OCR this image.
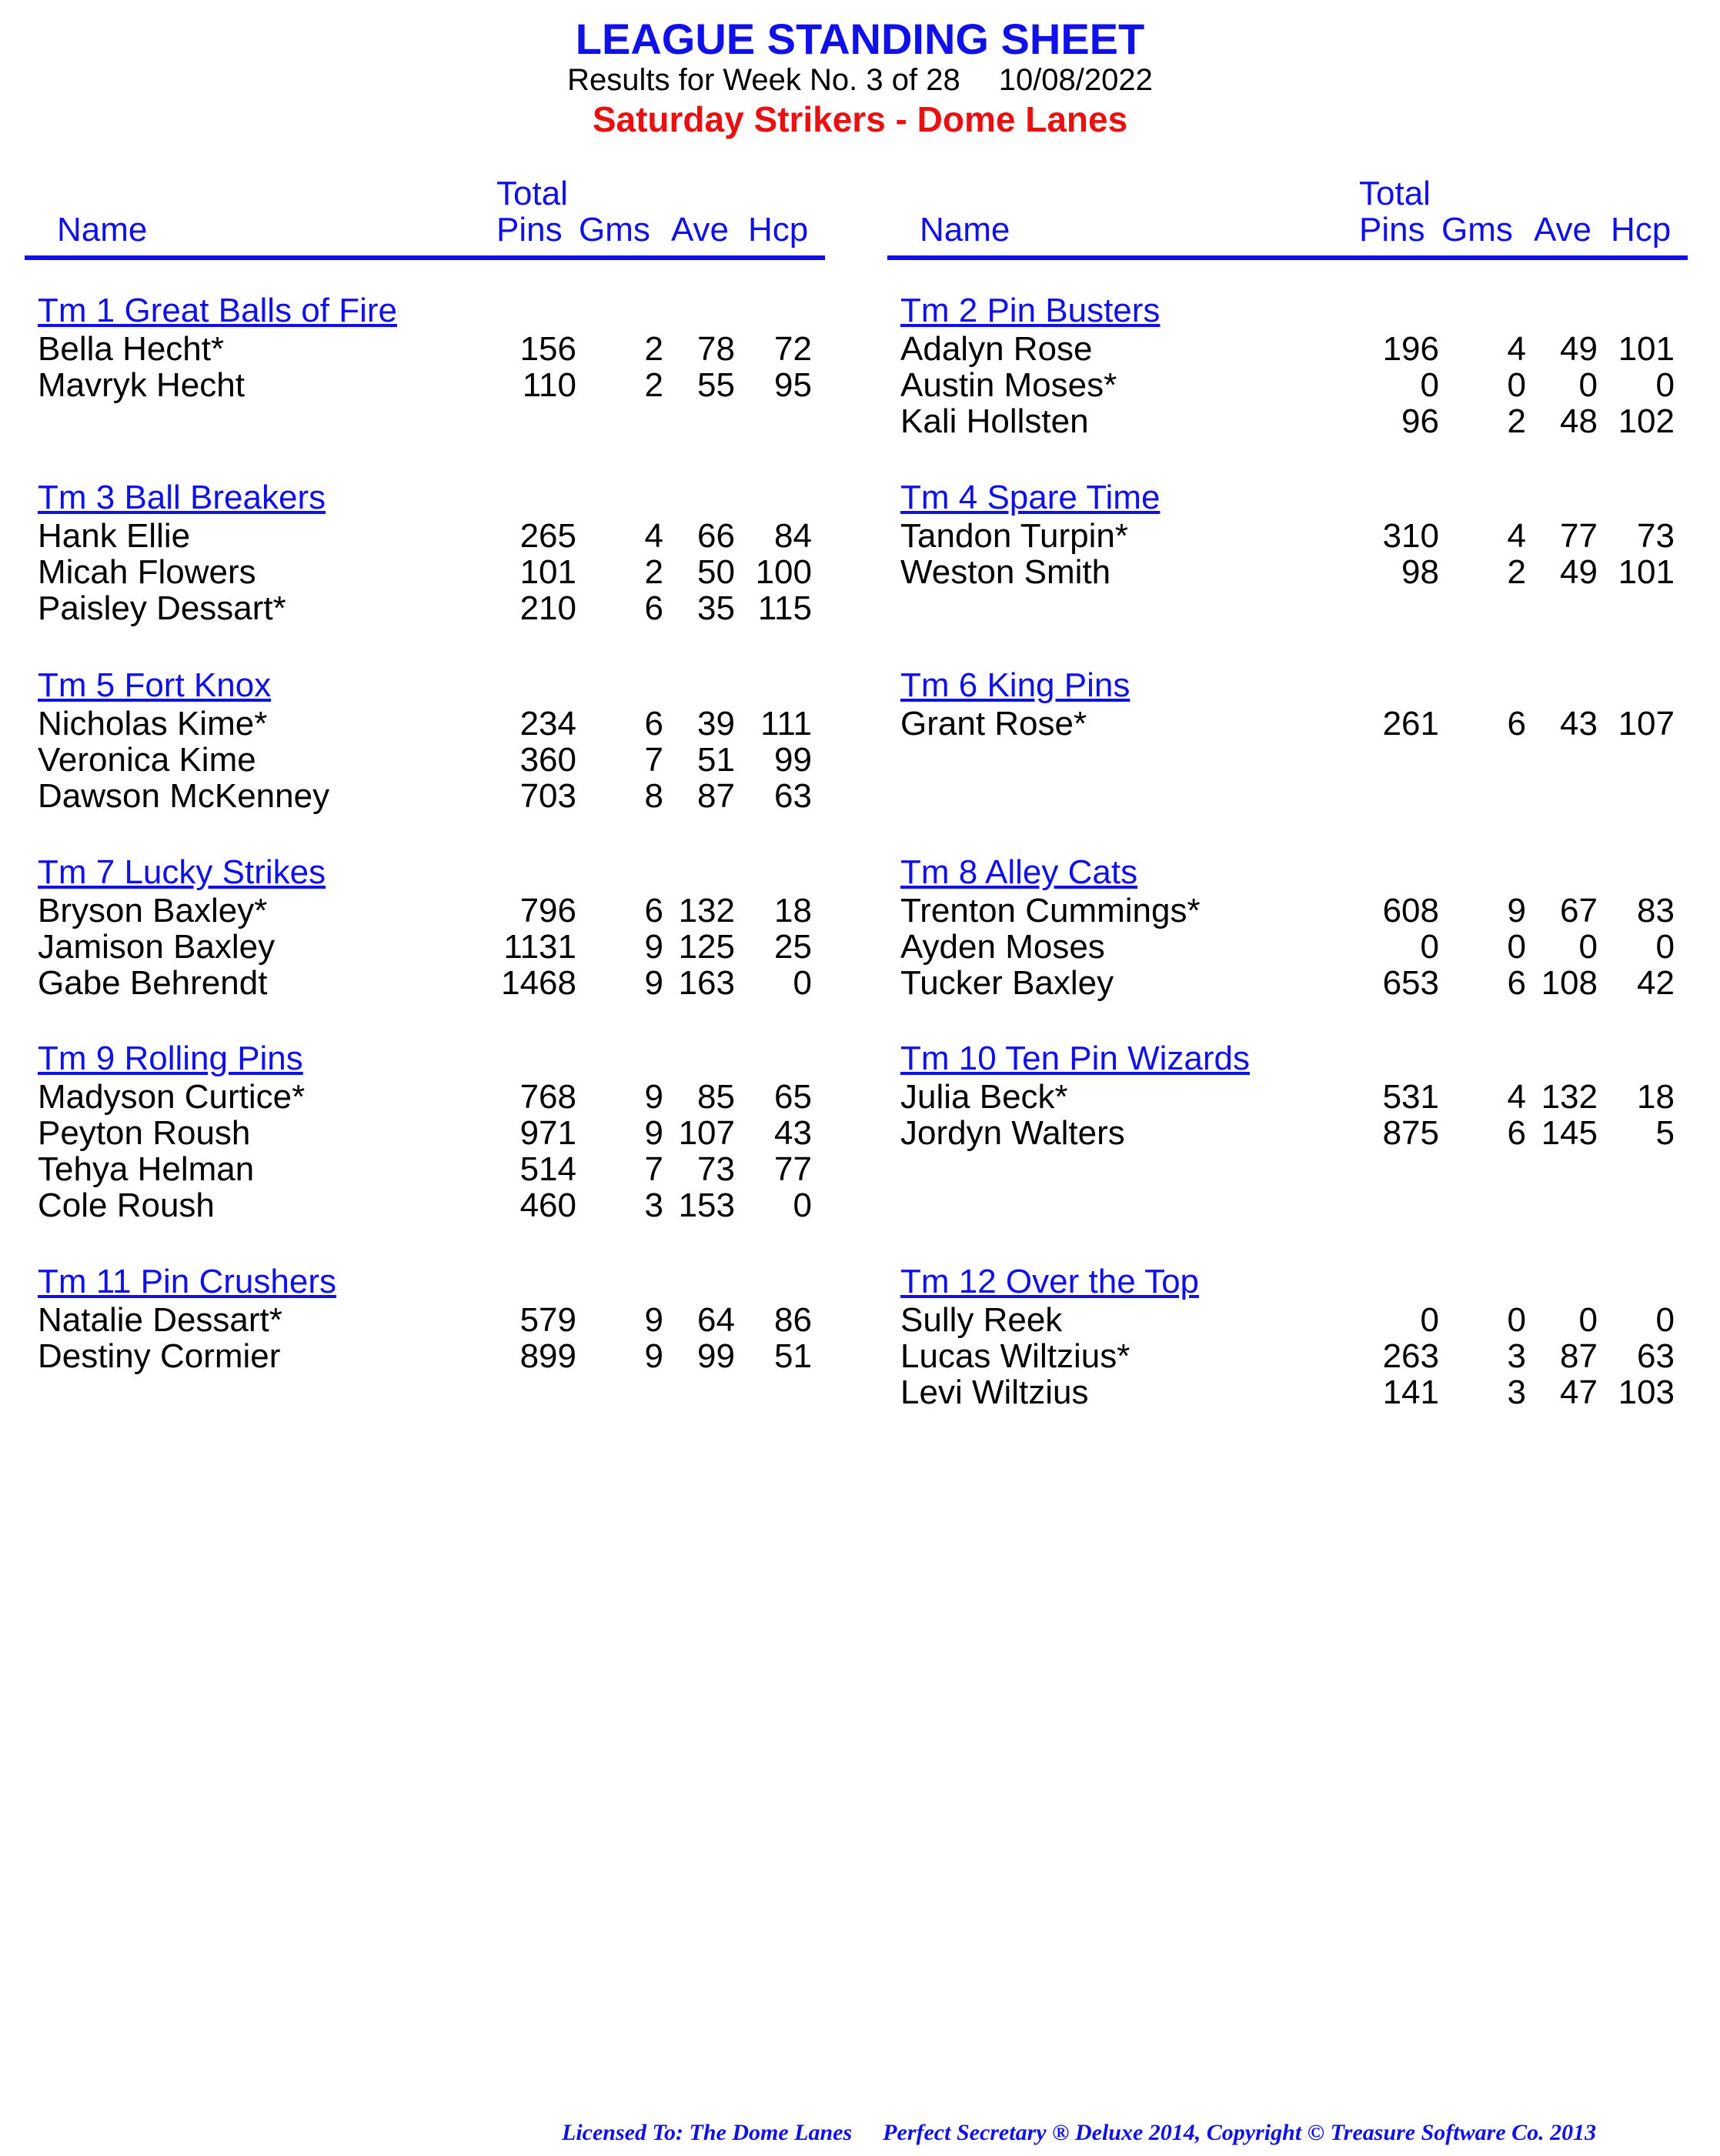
LEAGUE STANDING SHEET
Results for Week No. 3 of 28 10/08/2022
Saturday Strikers - Dome Lanes
Name
Total
Pins Gms Ave Hcp
Tm 1 Great Balls of Fire
Bella Hecht*	156 2 78 72
Mavryk Hecht	110 2 55 95
Tm 3 Ball Breakers
Hank Ellie	265 4 66 84
Micah Flowers	101 2 50 100
Paisley Dessart*	210 6 35 115
Tm 5 Fort Knox
Nicholas Kime*	234 6 39 111
Veronica Kime	360 7 51 99
Dawson McKenney	703 8 87 63
Tm 7 Lucky Strikes
Bryson Baxley*	796 6 132 18
Jamison Baxley	1131 9 125 25
Gabe Behrendt	1468 9 163 0
Tm 9 Rolling Pins
Madyson Curtice*	768 9 85 65
Peyton Roush	971 9 107 43
Tehya Helman	514 7 73 77
Cole Roush	460 3 153 0
Tm 11 Pin Crushers
Natalie Dessart*	579 9 64 86
Destiny Cormier	899 9 99 51
Name
Total
Pins Gms Ave Hcp
Tm 2 Pin Busters
Adalyn Rose	196 4 49 101
Austin Moses*	0 0 0 0
Kali Hollsten	96 2 48 102
Tm 4 Spare Time
Tandon Turpin*	310 4 77 73
Weston Smith	98 2 49 101
Tm 6 King Pins
Grant Rose*	261 6 43 107
Tm 8 Alley Cats
Trenton Cummings*	608 9 67 83
Ayden Moses	0 0 0 0
Tucker Baxley	653 6 108 42
Tm 10 Ten Pin Wizards
Julia Beck*	531 4 132 18
Jordyn Walters	875 6 145 5
Tm 12 Over the Top
Sully Reek	0 0 0 0
Lucas Wiltzius*	263 3 87 63
Levi Wiltzius	141 3 47 103
Licensed To: The Dome Lanes Perfect Secretary ® Deluxe 2014, Copyright © Treasure Software Co. 2013
